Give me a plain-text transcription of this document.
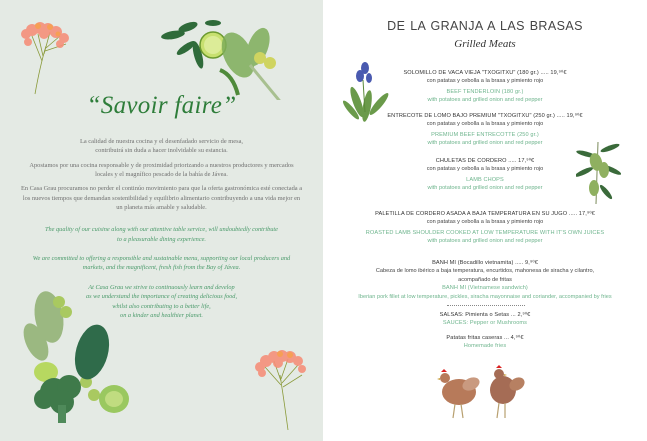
“Savoir faire”

La calidad de nuestra cocina y el desenfadado servicio de mesa, contribuirá sin duda a hacer inolvidable su estancia.

Apostamos por una cocina responsable y de proximidad priorizando a nuestros productores y mercados locales y el magnífico pescado de la bahía de Jávea.

En Casa Grau procuramos no perder el continúo movimiento para que la oferta gastronómica esté conectada a los nuevos tiempos que demandan sostenibilidad y equilibrio alimentario contribuyendo a una vida mejor en un planeta más amable y saludable.

The quality of our cuisine along with our attentive table service, will undoubtedly contribute
to a pleasurable dining experience.

We are committed to offering a responsible and sustainable menu, supporting our local producers and
markets, and the magnificent, fresh fish from the Bay of Jávea.

At Casa Grau we strive to continuously learn and develop
as we understand the importance of creating delicious food,
whilst also contributing to a better life,
on a kinder and healthier planet.

DE LA GRANJA A LAS BRASAS
Grilled Meats
SOLOMILLO DE VACA VIEJA "TXOGITXU" (180 gr.) ..... 19,⁹⁰€
con patatas y cebolla a la brasa y pimiento rojo
BEEF TENDERLOIN (180 gr.)
with potatoes and grilled onion and red pepper
ENTRECOTE DE LOMO BAJO PREMIUM "TXOGITXU" (250 gr.) ..... 19,⁹⁰€
con patatas y cebolla a la brasa y pimiento rojo
PREMIUM BEEF ENTRECOTTE (250 gr.)
with potatoes and grilled onion and red pepper
CHULETAS DE CORDERO ..... 17,⁹⁰€
con patatas y cebolla a la brasa y pimiento rojo
LAMB CHOPS
with potatoes and grilled onion and red pepper
PALETILLA DE CORDERO ASADA A BAJA TEMPERATURA EN SU JUGO ..... 17,⁹⁰€
con patatas y cebolla a la brasa y pimiento rojo
ROASTED LAMB SHOULDER COOKED AT LOW TEMPERATURE WITH IT'S OWN JUICES
with potatoes and grilled onion and red pepper
BANH MI (Bocadillo vietnamita) ..... 9,⁹⁰€
Cabeza de lomo ibérico a baja temperatura, encurtidos, mahonesa de siracha y cilantro,
acompañado de fritas
BANH MI (Vietnamese sandwich)
Iberian pork fillet at low temperature, pickles, siracha mayonnaise and coriander, accompanied by fries
SALSAS: Pimienta o Setas ... 2,⁹⁰€
SAUCES: Pepper or Mushrooms
Patatas fritas caseras ... 4,⁹⁰€
Homemade fries
